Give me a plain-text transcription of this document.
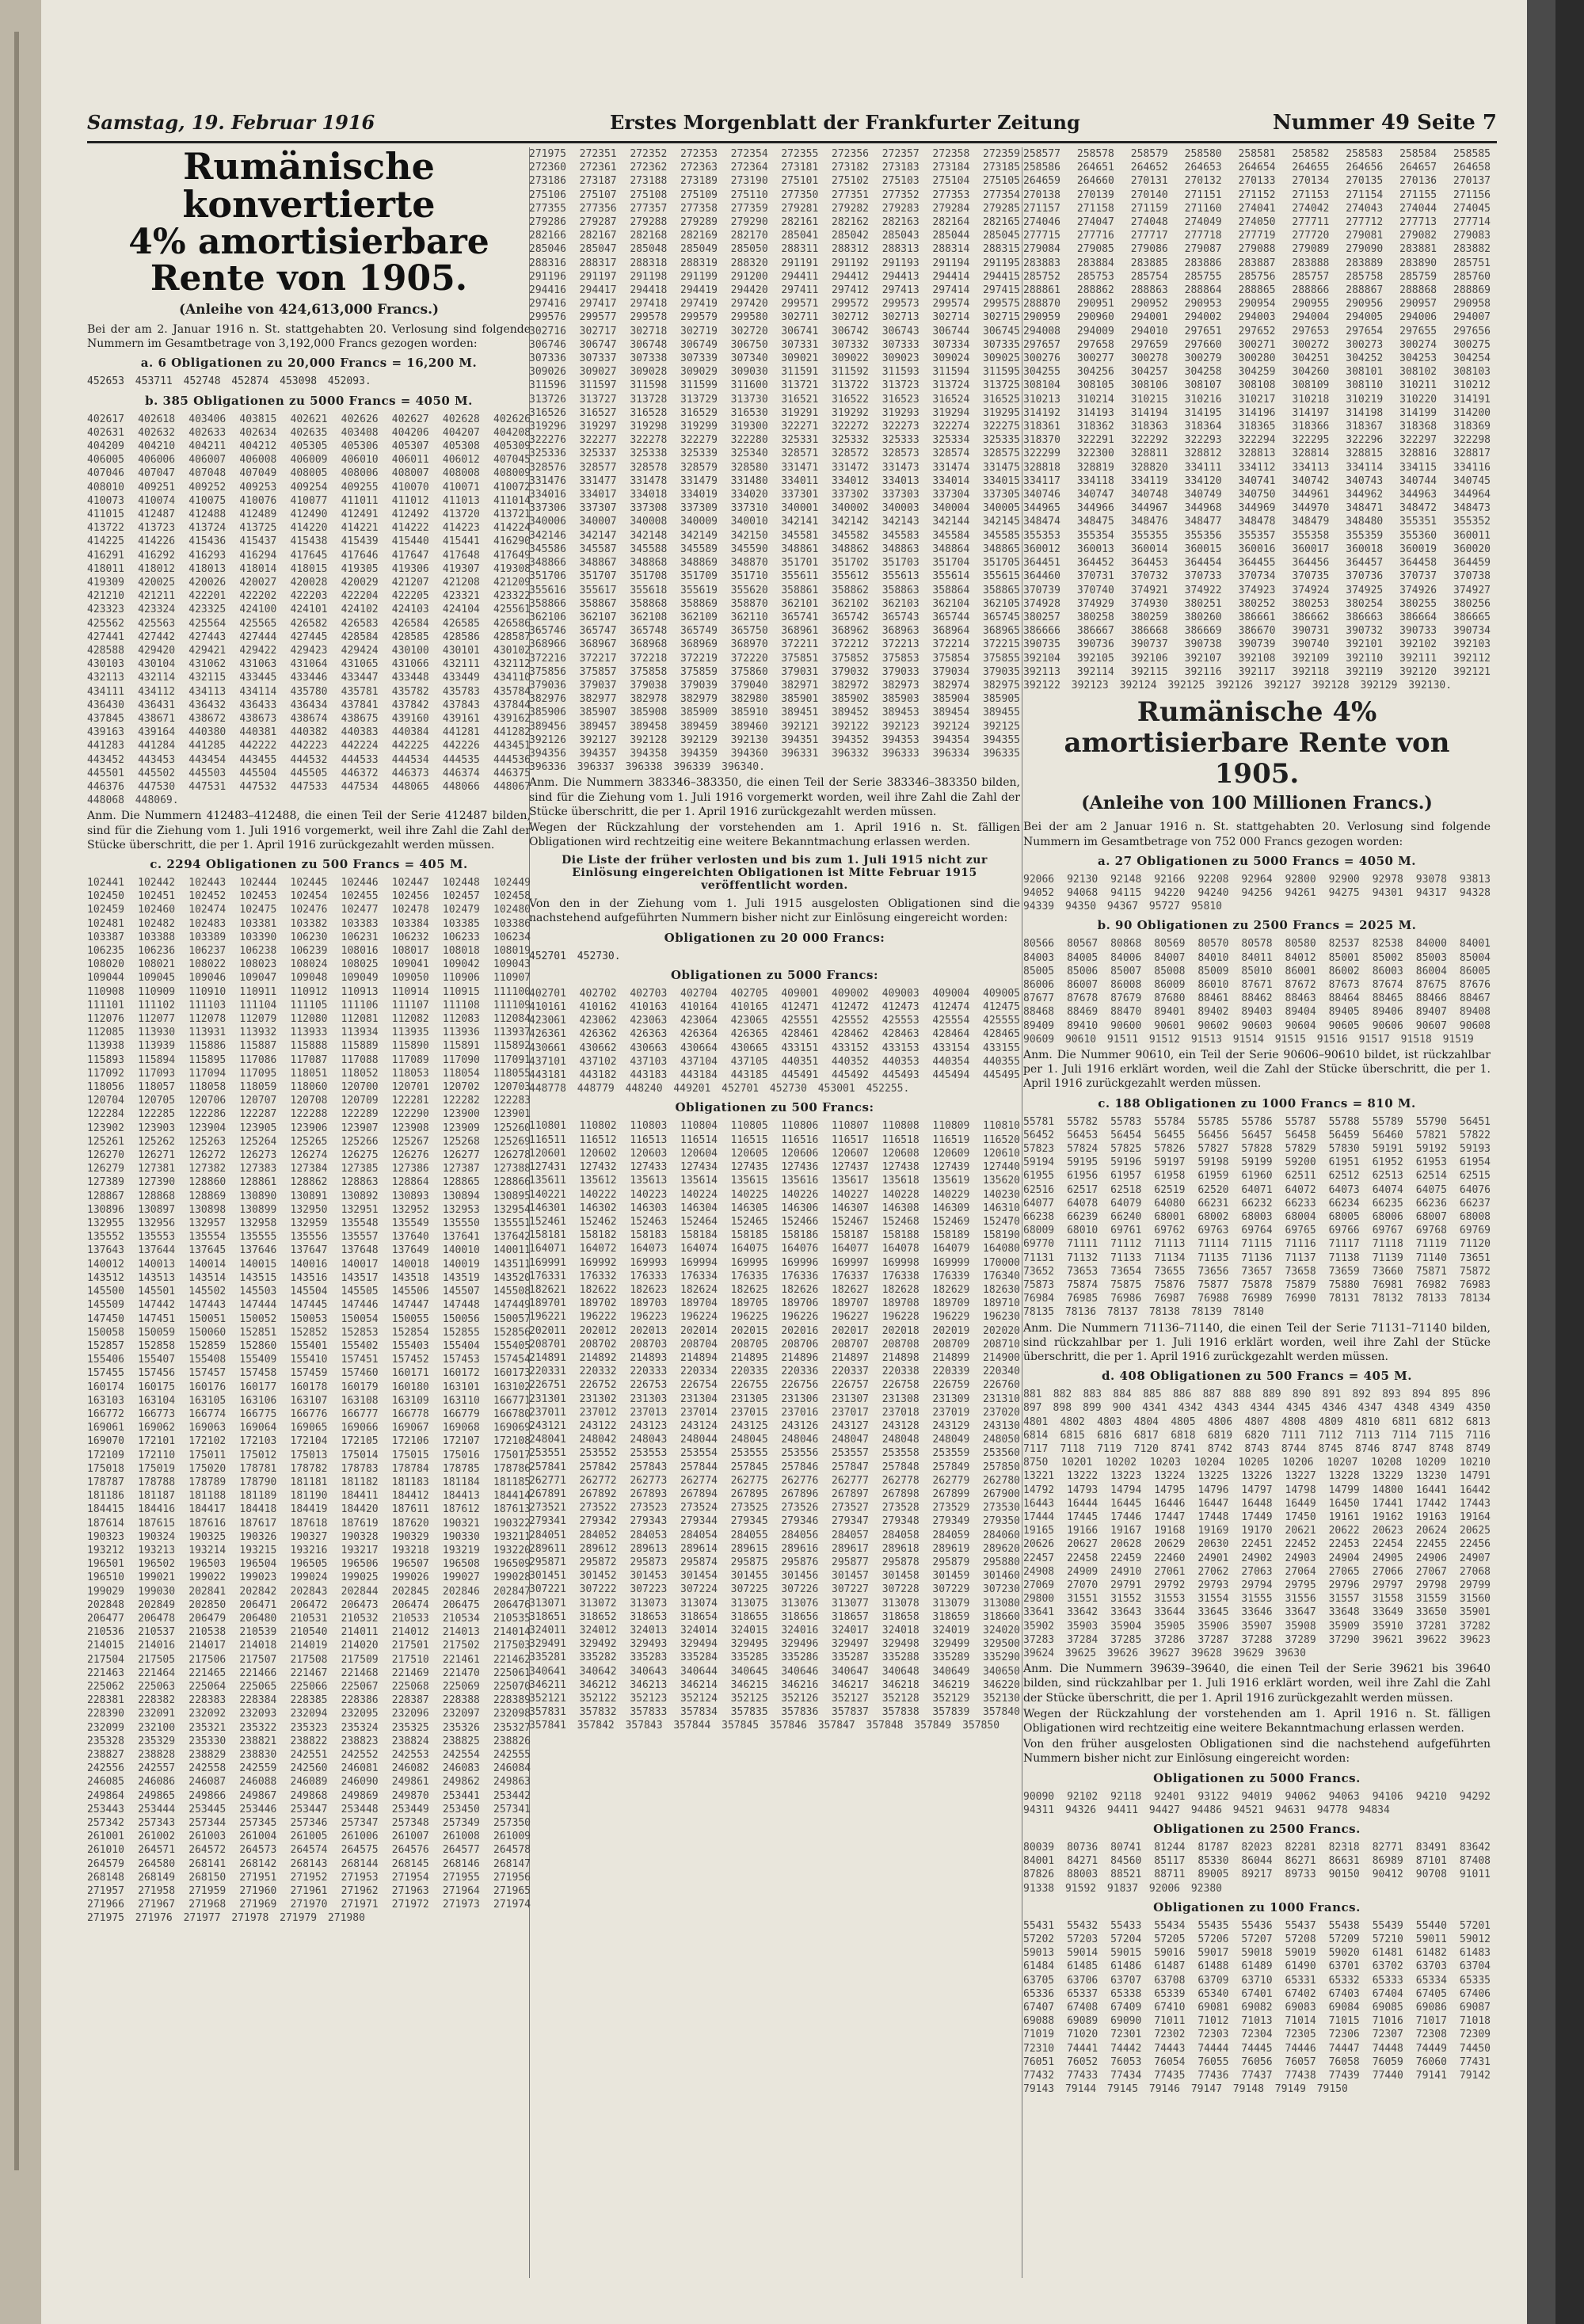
Samstag, 19. Februar 1916	Erstes Morgenblatt der Frankfurter Zeitung	Nummer 49 Seite 7
Rumänische konvertierte
4% amortisierbare Rente von 1905.
(Anleihe von 424,613,000 Francs.)
Bei der am 2. Januar 1916 n. St. stattgehabten 20. Verlosung sind folgende Nummern im Gesamtbetrage von 3,192,000 Francs gezogen worden:
a. 6 Obligationen zu 20,000 Francs = 16,200 M.
452653 453711 452748 452874 453098 452093.
b. 385 Obligationen zu 5000 Francs = 4050 M.
402617 402618 403406 403815 402621 402626 402627 402628 402626 402631 402632 402633 402634 402635 403408 404206 404207 404208 404209 404210 404211 404212 405305 405306 405307 405308 405309 406005 406006 406007 406008 406009 406010 406011 406012 407045 407046 407047 407048 407049 408005 408006 408007 408008 408009 408010 409251 409252 409253 409254 409255 410070 410071 410072 410073 410074 410075 410076 410077 411011 411012 411013 411014 411015 412487 412488 412489 412490 412491 412492 413720 413721 413722 413723 413724 413725 414220 414221 414222 414223 414224 414225 414226 415436 415437 415438 415439 415440 415441 416290 416291 416292 416293 416294 417645 417646 417647 417648 417649 418011 418012 418013 418014 418015 419305 419306 419307 419308 419309 420025 420026 420027 420028 420029 421207 421208 421209 421210 421211 422201 422202 422203 422204 422205 423321 423322 423323 423324 423325 424100 424101 424102 424103 424104 425561 425562 425563 425564 425565 426582 426583 426584 426585 426586 427441 427442 427443 427444 427445 428584 428585 428586 428587 428588 429420 429421 429422 429423 429424 430100 430101 430102 430103 430104 431062 431063 431064 431065 431066 432111 432112 432113 432114 432115 433445 433446 433447 433448 433449 434110 434111 434112 434113 434114 435780 435781 435782 435783 435784 436430 436431 436432 436433 436434 437841 437842 437843 437844 437845 438671 438672 438673 438674 438675 439160 439161 439162 439163 439164 440380 440381 440382 440383 440384 441281 441282 441283 441284 441285 442222 442223 442224 442225 442226 443451 443452 443453 443454 443455 444532 444533 444534 444535 444536 445501 445502 445503 445504 445505 446372 446373 446374 446375 446376 447530 447531 447532 447533 447534 448065 448066 448067 448068 448069.
Anm. Die Nummern 412483–412488, die einen Teil der Serie 412487 bilden, sind für die Ziehung vom 1. Juli 1916 vorgemerkt, weil ihre Zahl die Zahl der Stücke überschritt, die per 1. April 1916 zurückgezahlt werden müssen.
c. 2294 Obligationen zu 500 Francs = 405 M.
102441 102442 102443 102444 102445 102446 102447 102448 102449 102450 102451 102452 102453 102454 102455 102456 102457 102458 102459 102460 102474 102475 102476 102477 102478 102479 102480 102481 102482 102483 103381 103382 103383 103384 103385 103386 103387 103388 103389 103390 106230 106231 106232 106233 106234 106235 106236 106237 106238 106239 108016 108017 108018 108019 108020 108021 108022 108023 108024 108025 109041 109042 109043 109044 109045 109046 109047 109048 109049 109050 110906 110907 110908 110909 110910 110911 110912 110913 110914 110915 111100 111101 111102 111103 111104 111105 111106 111107 111108 111109 112076 112077 112078 112079 112080 112081 112082 112083 112084 112085 113930 113931 113932 113933 113934 113935 113936 113937 113938 113939 115886 115887 115888 115889 115890 115891 115892 115893 115894 115895 117086 117087 117088 117089 117090 117091 117092 117093 117094 117095 118051 118052 118053 118054 118055 118056 118057 118058 118059 118060 120700 120701 120702 120703 120704 120705 120706 120707 120708 120709 122281 122282 122283 122284 122285 122286 122287 122288 122289 122290 123900 123901 123902 123903 123904 123905 123906 123907 123908 123909 125260 125261 125262 125263 125264 125265 125266 125267 125268 125269 126270 126271 126272 126273 126274 126275 126276 126277 126278 126279 127381 127382 127383 127384 127385 127386 127387 127388 127389 127390 128860 128861 128862 128863 128864 128865 128866 128867 128868 128869 130890 130891 130892 130893 130894 130895 130896 130897 130898 130899 132950 132951 132952 132953 132954 132955 132956 132957 132958 132959 135548 135549 135550 135551 135552 135553 135554 135555 135556 135557 137640 137641 137642 137643 137644 137645 137646 137647 137648 137649 140010 140011 140012 140013 140014 140015 140016 140017 140018 140019 143511 143512 143513 143514 143515 143516 143517 143518 143519 143520 145500 145501 145502 145503 145504 145505 145506 145507 145508 145509 147442 147443 147444 147445 147446 147447 147448 147449 147450 147451 150051 150052 150053 150054 150055 150056 150057 150058 150059 150060 152851 152852 152853 152854 152855 152856 152857 152858 152859 152860 155401 155402 155403 155404 155405 155406 155407 155408 155409 155410 157451 157452 157453 157454 157455 157456 157457 157458 157459 157460 160171 160172 160173 160174 160175 160176 160177 160178 160179 160180 163101 163102 163103 163104 163105 163106 163107 163108 163109 163110 166771 166772 166773 166774 166775 166776 166777 166778 166779 166780 169061 169062 169063 169064 169065 169066 169067 169068 169069 169070 172101 172102 172103 172104 172105 172106 172107 172108 172109 172110 175011 175012 175013 175014 175015 175016 175017 175018 175019 175020 178781 178782 178783 178784 178785 178786 178787 178788 178789 178790 181181 181182 181183 181184 181185 181186 181187 181188 181189 181190 184411 184412 184413 184414 184415 184416 184417 184418 184419 184420 187611 187612 187613 187614 187615 187616 187617 187618 187619 187620 190321 190322 190323 190324 190325 190326 190327 190328 190329 190330 193211 193212 193213 193214 193215 193216 193217 193218 193219 193220 196501 196502 196503 196504 196505 196506 196507 196508 196509 196510 199021 199022 199023 199024 199025 199026 199027 199028 199029 199030 202841 202842 202843 202844 202845 202846 202847 202848 202849 202850 206471 206472 206473 206474 206475 206476 206477 206478 206479 206480 210531 210532 210533 210534 210535 210536 210537 210538 210539 210540 214011 214012 214013 214014 214015 214016 214017 214018 214019 214020 217501 217502 217503 217504 217505 217506 217507 217508 217509 217510 221461 221462 221463 221464 221465 221466 221467 221468 221469 221470 225061 225062 225063 225064 225065 225066 225067 225068 225069 225070 228381 228382 228383 228384 228385 228386 228387 228388 228389 228390 232091 232092 232093 232094 232095 232096 232097 232098 232099 232100 235321 235322 235323 235324 235325 235326 235327 235328 235329 235330 238821 238822 238823 238824 238825 238826 238827 238828 238829 238830 242551 242552 242553 242554 242555 242556 242557 242558 242559 242560 246081 246082 246083 246084 246085 246086 246087 246088 246089 246090 249861 249862 249863 249864 249865 249866 249867 249868 249869 249870 253441 253442 253443 253444 253445 253446 253447 253448 253449 253450 257341 257342 257343 257344 257345 257346 257347 257348 257349 257350 261001 261002 261003 261004 261005 261006 261007 261008 261009 261010 264571 264572 264573 264574 264575 264576 264577 264578 264579 264580 268141 268142 268143 268144 268145 268146 268147 268148 268149 268150 271951 271952 271953 271954 271955 271956 271957 271958 271959 271960 271961 271962 271963 271964 271965 271966 271967 271968 271969 271970 271971 271972 271973 271974 271975 271976 271977 271978 271979 271980
271975 272351 272352 272353 272354 272355 272356 272357 272358 272359 272360 272361 272362 272363 272364 273181 273182 273183 273184 273185 273186 273187 273188 273189 273190 275101 275102 275103 275104 275105 275106 275107 275108 275109 275110 277350 277351 277352 277353 277354 277355 277356 277357 277358 277359 279281 279282 279283 279284 279285 279286 279287 279288 279289 279290 282161 282162 282163 282164 282165 282166 282167 282168 282169 282170 285041 285042 285043 285044 285045 285046 285047 285048 285049 285050 288311 288312 288313 288314 288315 288316 288317 288318 288319 288320 291191 291192 291193 291194 291195 291196 291197 291198 291199 291200 294411 294412 294413 294414 294415 294416 294417 294418 294419 294420 297411 297412 297413 297414 297415 297416 297417 297418 297419 297420 299571 299572 299573 299574 299575 299576 299577 299578 299579 299580 302711 302712 302713 302714 302715 302716 302717 302718 302719 302720 306741 306742 306743 306744 306745 306746 306747 306748 306749 306750 307331 307332 307333 307334 307335 307336 307337 307338 307339 307340 309021 309022 309023 309024 309025 309026 309027 309028 309029 309030 311591 311592 311593 311594 311595 311596 311597 311598 311599 311600 313721 313722 313723 313724 313725 313726 313727 313728 313729 313730 316521 316522 316523 316524 316525 316526 316527 316528 316529 316530 319291 319292 319293 319294 319295 319296 319297 319298 319299 319300 322271 322272 322273 322274 322275 322276 322277 322278 322279 322280 325331 325332 325333 325334 325335 325336 325337 325338 325339 325340 328571 328572 328573 328574 328575 328576 328577 328578 328579 328580 331471 331472 331473 331474 331475 331476 331477 331478 331479 331480 334011 334012 334013 334014 334015 334016 334017 334018 334019 334020 337301 337302 337303 337304 337305 337306 337307 337308 337309 337310 340001 340002 340003 340004 340005 340006 340007 340008 340009 340010 342141 342142 342143 342144 342145 342146 342147 342148 342149 342150 345581 345582 345583 345584 345585 345586 345587 345588 345589 345590 348861 348862 348863 348864 348865 348866 348867 348868 348869 348870 351701 351702 351703 351704 351705 351706 351707 351708 351709 351710 355611 355612 355613 355614 355615 355616 355617 355618 355619 355620 358861 358862 358863 358864 358865 358866 358867 358868 358869 358870 362101 362102 362103 362104 362105 362106 362107 362108 362109 362110 365741 365742 365743 365744 365745 365746 365747 365748 365749 365750 368961 368962 368963 368964 368965 368966 368967 368968 368969 368970 372211 372212 372213 372214 372215 372216 372217 372218 372219 372220 375851 375852 375853 375854 375855 375856 375857 375858 375859 375860 379031 379032 379033 379034 379035 379036 379037 379038 379039 379040 382971 382972 382973 382974 382975 382976 382977 382978 382979 382980 385901 385902 385903 385904 385905 385906 385907 385908 385909 385910 389451 389452 389453 389454 389455 389456 389457 389458 389459 389460 392121 392122 392123 392124 392125 392126 392127 392128 392129 392130 394351 394352 394353 394354 394355 394356 394357 394358 394359 394360 396331 396332 396333 396334 396335 396336 396337 396338 396339 396340.
Anm. Die Nummern 383346–383350, die einen Teil der Serie 383346–383350 bilden, sind für die Ziehung vom 1. Juli 1916 vorgemerkt worden, weil ihre Zahl die Zahl der Stücke überschritt, die per 1. April 1916 zurückgezahlt werden müssen.
Wegen der Rückzahlung der vorstehenden am 1. April 1916 n. St. fälligen Obligationen wird rechtzeitig eine weitere Bekanntmachung erlassen werden.
Die Liste der früher verlosten und bis zum 1. Juli 1915 nicht zur Einlösung eingereichten Obligationen ist Mitte Februar 1915 veröffentlicht worden.
Von den in der Ziehung vom 1. Juli 1915 ausgelosten Obligationen sind die nachstehend aufgeführten Nummern bisher nicht zur Einlösung eingereicht worden:
Obligationen zu 20 000 Francs:
452701 452730.
Obligationen zu 5000 Francs:
402701 402702 402703 402704 402705 409001 409002 409003 409004 409005 410161 410162 410163 410164 410165 412471 412472 412473 412474 412475 423061 423062 423063 423064 423065 425551 425552 425553 425554 425555 426361 426362 426363 426364 426365 428461 428462 428463 428464 428465 430661 430662 430663 430664 430665 433151 433152 433153 433154 433155 437101 437102 437103 437104 437105 440351 440352 440353 440354 440355 443181 443182 443183 443184 443185 445491 445492 445493 445494 445495 448778 448779 448240 449201 452701 452730 453001 452255.
Obligationen zu 500 Francs:
110801 110802 110803 110804 110805 110806 110807 110808 110809 110810 116511 116512 116513 116514 116515 116516 116517 116518 116519 116520 120601 120602 120603 120604 120605 120606 120607 120608 120609 120610 127431 127432 127433 127434 127435 127436 127437 127438 127439 127440 135611 135612 135613 135614 135615 135616 135617 135618 135619 135620 140221 140222 140223 140224 140225 140226 140227 140228 140229 140230 146301 146302 146303 146304 146305 146306 146307 146308 146309 146310 152461 152462 152463 152464 152465 152466 152467 152468 152469 152470 158181 158182 158183 158184 158185 158186 158187 158188 158189 158190 164071 164072 164073 164074 164075 164076 164077 164078 164079 164080 169991 169992 169993 169994 169995 169996 169997 169998 169999 170000 176331 176332 176333 176334 176335 176336 176337 176338 176339 176340 182621 182622 182623 182624 182625 182626 182627 182628 182629 182630 189701 189702 189703 189704 189705 189706 189707 189708 189709 189710 196221 196222 196223 196224 196225 196226 196227 196228 196229 196230 202011 202012 202013 202014 202015 202016 202017 202018 202019 202020 208701 208702 208703 208704 208705 208706 208707 208708 208709 208710 214891 214892 214893 214894 214895 214896 214897 214898 214899 214900 220331 220332 220333 220334 220335 220336 220337 220338 220339 220340 226751 226752 226753 226754 226755 226756 226757 226758 226759 226760 231301 231302 231303 231304 231305 231306 231307 231308 231309 231310 237011 237012 237013 237014 237015 237016 237017 237018 237019 237020 243121 243122 243123 243124 243125 243126 243127 243128 243129 243130 248041 248042 248043 248044 248045 248046 248047 248048 248049 248050 253551 253552 253553 253554 253555 253556 253557 253558 253559 253560 257841 257842 257843 257844 257845 257846 257847 257848 257849 257850 262771 262772 262773 262774 262775 262776 262777 262778 262779 262780 267891 267892 267893 267894 267895 267896 267897 267898 267899 267900 273521 273522 273523 273524 273525 273526 273527 273528 273529 273530 279341 279342 279343 279344 279345 279346 279347 279348 279349 279350 284051 284052 284053 284054 284055 284056 284057 284058 284059 284060 289611 289612 289613 289614 289615 289616 289617 289618 289619 289620 295871 295872 295873 295874 295875 295876 295877 295878 295879 295880 301451 301452 301453 301454 301455 301456 301457 301458 301459 301460 307221 307222 307223 307224 307225 307226 307227 307228 307229 307230 313071 313072 313073 313074 313075 313076 313077 313078 313079 313080 318651 318652 318653 318654 318655 318656 318657 318658 318659 318660 324011 324012 324013 324014 324015 324016 324017 324018 324019 324020 329491 329492 329493 329494 329495 329496 329497 329498 329499 329500 335281 335282 335283 335284 335285 335286 335287 335288 335289 335290 340641 340642 340643 340644 340645 340646 340647 340648 340649 340650 346211 346212 346213 346214 346215 346216 346217 346218 346219 346220 352121 352122 352123 352124 352125 352126 352127 352128 352129 352130 357831 357832 357833 357834 357835 357836 357837 357838 357839 357840 357841 357842 357843 357844 357845 357846 357847 357848 357849 357850
258577 258578 258579 258580 258581 258582 258583 258584 258585 258586 264651 264652 264653 264654 264655 264656 264657 264658 264659 264660 270131 270132 270133 270134 270135 270136 270137 270138 270139 270140 271151 271152 271153 271154 271155 271156 271157 271158 271159 271160 274041 274042 274043 274044 274045 274046 274047 274048 274049 274050 277711 277712 277713 277714 277715 277716 277717 277718 277719 277720 279081 279082 279083 279084 279085 279086 279087 279088 279089 279090 283881 283882 283883 283884 283885 283886 283887 283888 283889 283890 285751 285752 285753 285754 285755 285756 285757 285758 285759 285760 288861 288862 288863 288864 288865 288866 288867 288868 288869 288870 290951 290952 290953 290954 290955 290956 290957 290958 290959 290960 294001 294002 294003 294004 294005 294006 294007 294008 294009 294010 297651 297652 297653 297654 297655 297656 297657 297658 297659 297660 300271 300272 300273 300274 300275 300276 300277 300278 300279 300280 304251 304252 304253 304254 304255 304256 304257 304258 304259 304260 308101 308102 308103 308104 308105 308106 308107 308108 308109 308110 310211 310212 310213 310214 310215 310216 310217 310218 310219 310220 314191 314192 314193 314194 314195 314196 314197 314198 314199 314200 318361 318362 318363 318364 318365 318366 318367 318368 318369 318370 322291 322292 322293 322294 322295 322296 322297 322298 322299 322300 328811 328812 328813 328814 328815 328816 328817 328818 328819 328820 334111 334112 334113 334114 334115 334116 334117 334118 334119 334120 340741 340742 340743 340744 340745 340746 340747 340748 340749 340750 344961 344962 344963 344964 344965 344966 344967 344968 344969 344970 348471 348472 348473 348474 348475 348476 348477 348478 348479 348480 355351 355352 355353 355354 355355 355356 355357 355358 355359 355360 360011 360012 360013 360014 360015 360016 360017 360018 360019 360020 364451 364452 364453 364454 364455 364456 364457 364458 364459 364460 370731 370732 370733 370734 370735 370736 370737 370738 370739 370740 374921 374922 374923 374924 374925 374926 374927 374928 374929 374930 380251 380252 380253 380254 380255 380256 380257 380258 380259 380260 386661 386662 386663 386664 386665 386666 386667 386668 386669 386670 390731 390732 390733 390734 390735 390736 390737 390738 390739 390740 392101 392102 392103 392104 392105 392106 392107 392108 392109 392110 392111 392112 392113 392114 392115 392116 392117 392118 392119 392120 392121 392122 392123 392124 392125 392126 392127 392128 392129 392130.
Rumänische 4% amortisierbare Rente von 1905.
(Anleihe von 100 Millionen Francs.)
Bei der am 2 Januar 1916 n. St. stattgehabten 20. Verlosung sind folgende Nummern im Gesamtbetrage von 752 000 Francs gezogen worden:
a. 27 Obligationen zu 5000 Francs = 4050 M.
92066 92130 92148 92166 92208 92964 92800 92900 92978 93078 93813 94052 94068 94115 94220 94240 94256 94261 94275 94301 94317 94328 94339 94350 94367 95727 95810
b. 90 Obligationen zu 2500 Francs = 2025 M.
80566 80567 80868 80569 80570 80578 80580 82537 82538 84000 84001 84003 84005 84006 84007 84010 84011 84012 85001 85002 85003 85004 85005 85006 85007 85008 85009 85010 86001 86002 86003 86004 86005 86006 86007 86008 86009 86010 87671 87672 87673 87674 87675 87676 87677 87678 87679 87680 88461 88462 88463 88464 88465 88466 88467 88468 88469 88470 89401 89402 89403 89404 89405 89406 89407 89408 89409 89410 90600 90601 90602 90603 90604 90605 90606 90607 90608 90609 90610 91511 91512 91513 91514 91515 91516 91517 91518 91519
Anm. Die Nummer 90610, ein Teil der Serie 90606–90610 bildet, ist rückzahlbar per 1. Juli 1916 erklärt worden, weil die Zahl der Stücke überschritt, die per 1. April 1916 zurückgezahlt werden müssen.
c. 188 Obligationen zu 1000 Francs = 810 M.
55781 55782 55783 55784 55785 55786 55787 55788 55789 55790 56451 56452 56453 56454 56455 56456 56457 56458 56459 56460 57821 57822 57823 57824 57825 57826 57827 57828 57829 57830 59191 59192 59193 59194 59195 59196 59197 59198 59199 59200 61951 61952 61953 61954 61955 61956 61957 61958 61959 61960 62511 62512 62513 62514 62515 62516 62517 62518 62519 62520 64071 64072 64073 64074 64075 64076 64077 64078 64079 64080 66231 66232 66233 66234 66235 66236 66237 66238 66239 66240 68001 68002 68003 68004 68005 68006 68007 68008 68009 68010 69761 69762 69763 69764 69765 69766 69767 69768 69769 69770 71111 71112 71113 71114 71115 71116 71117 71118 71119 71120 71131 71132 71133 71134 71135 71136 71137 71138 71139 71140 73651 73652 73653 73654 73655 73656 73657 73658 73659 73660 75871 75872 75873 75874 75875 75876 75877 75878 75879 75880 76981 76982 76983 76984 76985 76986 76987 76988 76989 76990 78131 78132 78133 78134 78135 78136 78137 78138 78139 78140
Anm. Die Nummern 71136–71140, die einen Teil der Serie 71131–71140 bilden, sind rückzahlbar per 1. Juli 1916 erklärt worden, weil ihre Zahl der Stücke überschritt, die per 1. April 1916 zurückgezahlt werden müssen.
d. 408 Obligationen zu 500 Francs = 405 M.
881 882 883 884 885 886 887 888 889 890 891 892 893 894 895 896 897 898 899 900 4341 4342 4343 4344 4345 4346 4347 4348 4349 4350 4801 4802 4803 4804 4805 4806 4807 4808 4809 4810 6811 6812 6813 6814 6815 6816 6817 6818 6819 6820 7111 7112 7113 7114 7115 7116 7117 7118 7119 7120 8741 8742 8743 8744 8745 8746 8747 8748 8749 8750 10201 10202 10203 10204 10205 10206 10207 10208 10209 10210 13221 13222 13223 13224 13225 13226 13227 13228 13229 13230 14791 14792 14793 14794 14795 14796 14797 14798 14799 14800 16441 16442 16443 16444 16445 16446 16447 16448 16449 16450 17441 17442 17443 17444 17445 17446 17447 17448 17449 17450 19161 19162 19163 19164 19165 19166 19167 19168 19169 19170 20621 20622 20623 20624 20625 20626 20627 20628 20629 20630 22451 22452 22453 22454 22455 22456 22457 22458 22459 22460 24901 24902 24903 24904 24905 24906 24907 24908 24909 24910 27061 27062 27063 27064 27065 27066 27067 27068 27069 27070 29791 29792 29793 29794 29795 29796 29797 29798 29799 29800 31551 31552 31553 31554 31555 31556 31557 31558 31559 31560 33641 33642 33643 33644 33645 33646 33647 33648 33649 33650 35901 35902 35903 35904 35905 35906 35907 35908 35909 35910 37281 37282 37283 37284 37285 37286 37287 37288 37289 37290 39621 39622 39623 39624 39625 39626 39627 39628 39629 39630
Anm. Die Nummern 39639–39640, die einen Teil der Serie 39621 bis 39640 bilden, sind rückzahlbar per 1. Juli 1916 erklärt worden, weil ihre Zahl die Zahl der Stücke überschritt, die per 1. April 1916 zurückgezahlt werden müssen.
Wegen der Rückzahlung der vorstehenden am 1. April 1916 n. St. fälligen Obligationen wird rechtzeitig eine weitere Bekanntmachung erlassen werden.
Von den früher ausgelosten Obligationen sind die nachstehend aufgeführten Nummern bisher nicht zur Einlösung eingereicht worden:
Obligationen zu 5000 Francs.
90090 92102 92118 92401 93122 94019 94062 94063 94106 94210 94292 94311 94326 94411 94427 94486 94521 94631 94778 94834
Obligationen zu 2500 Francs.
80039 80736 80741 81244 81787 82023 82281 82318 82771 83491 83642 84001 84271 84560 85117 85330 86044 86271 86631 86989 87101 87408 87826 88003 88521 88711 89005 89217 89733 90150 90412 90708 91011 91338 91592 91837 92006 92380
Obligationen zu 1000 Francs.
55431 55432 55433 55434 55435 55436 55437 55438 55439 55440 57201 57202 57203 57204 57205 57206 57207 57208 57209 57210 59011 59012 59013 59014 59015 59016 59017 59018 59019 59020 61481 61482 61483 61484 61485 61486 61487 61488 61489 61490 63701 63702 63703 63704 63705 63706 63707 63708 63709 63710 65331 65332 65333 65334 65335 65336 65337 65338 65339 65340 67401 67402 67403 67404 67405 67406 67407 67408 67409 67410 69081 69082 69083 69084 69085 69086 69087 69088 69089 69090 71011 71012 71013 71014 71015 71016 71017 71018 71019 71020 72301 72302 72303 72304 72305 72306 72307 72308 72309 72310 74441 74442 74443 74444 74445 74446 74447 74448 74449 74450 76051 76052 76053 76054 76055 76056 76057 76058 76059 76060 77431 77432 77433 77434 77435 77436 77437 77438 77439 77440 79141 79142 79143 79144 79145 79146 79147 79148 79149 79150
